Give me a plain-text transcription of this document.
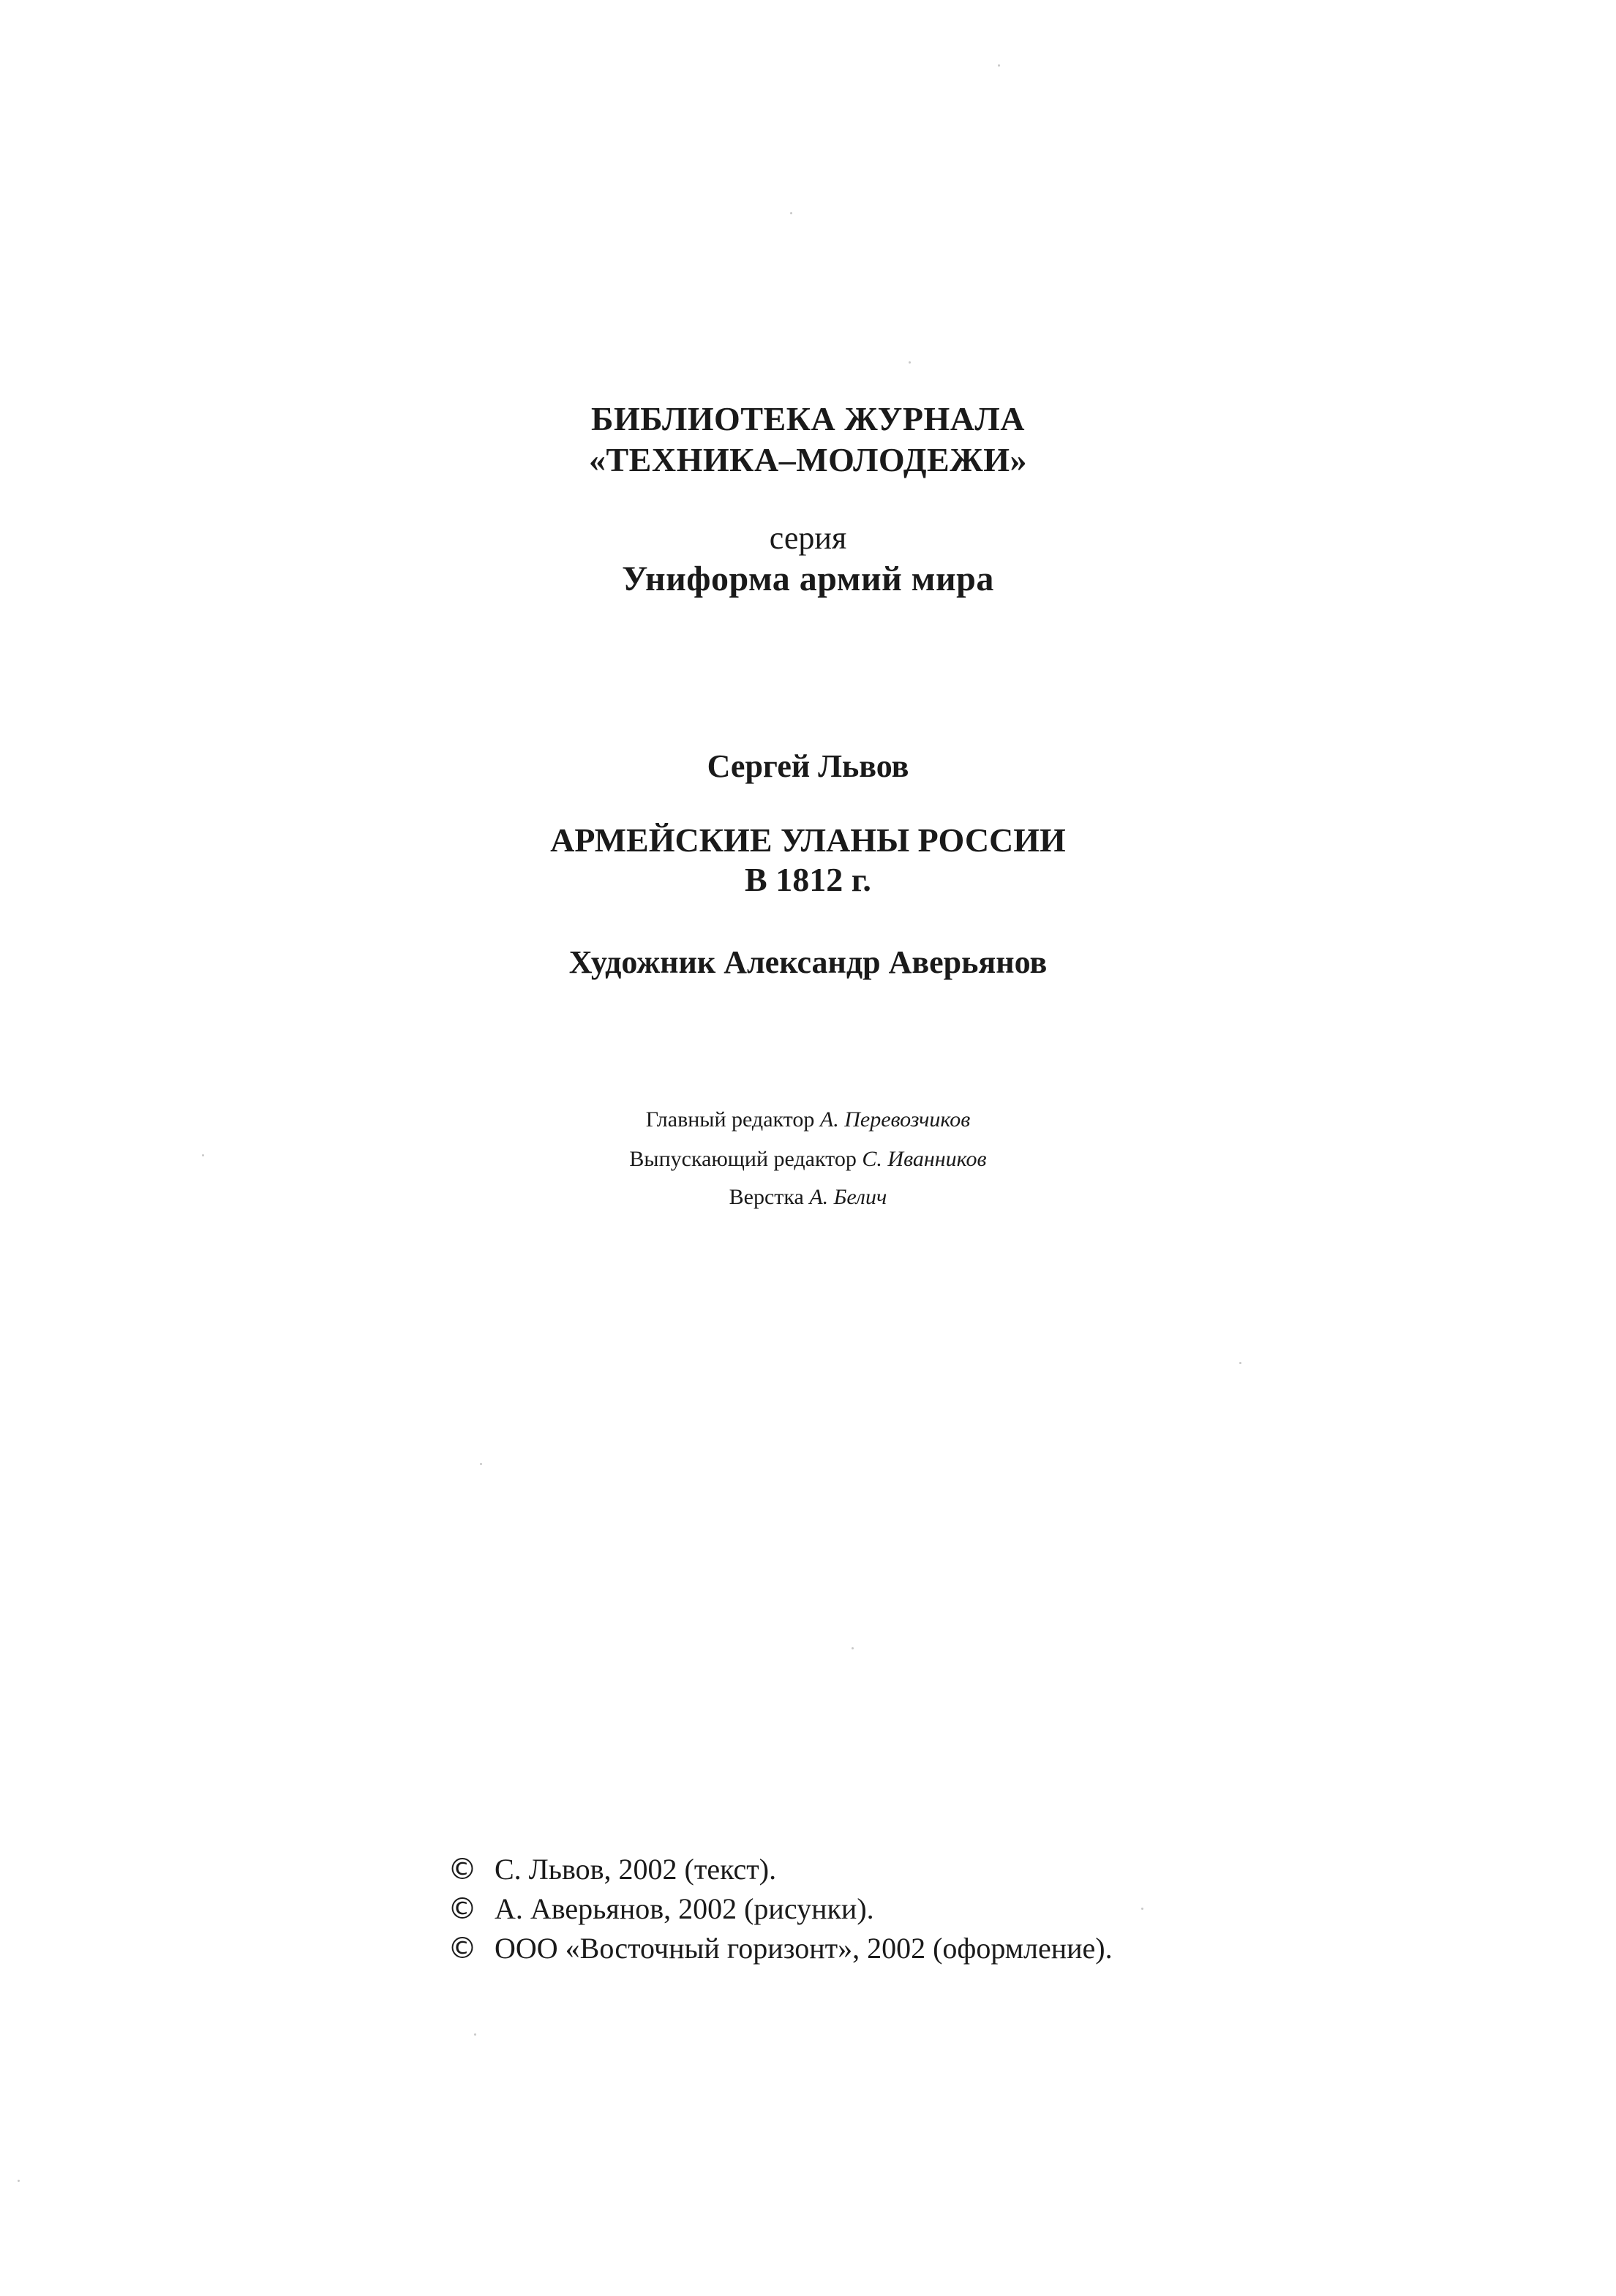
БИБЛИОТЕКА ЖУРНАЛА
«ТЕХНИКА–МОЛОДЕЖИ»
серия
Униформа армий мира
Сергей Львов
АРМЕЙСКИЕ УЛАНЫ РОССИИ
В 1812 г.
Художник Александр Аверьянов
Главный редактор А. Перевозчиков
Выпускающий редактор С. Иванников
Верстка А. Белич
© С. Львов, 2002 (текст).
© А. Аверьянов, 2002 (рисунки).
© ООО «Восточный горизонт», 2002 (оформление).
